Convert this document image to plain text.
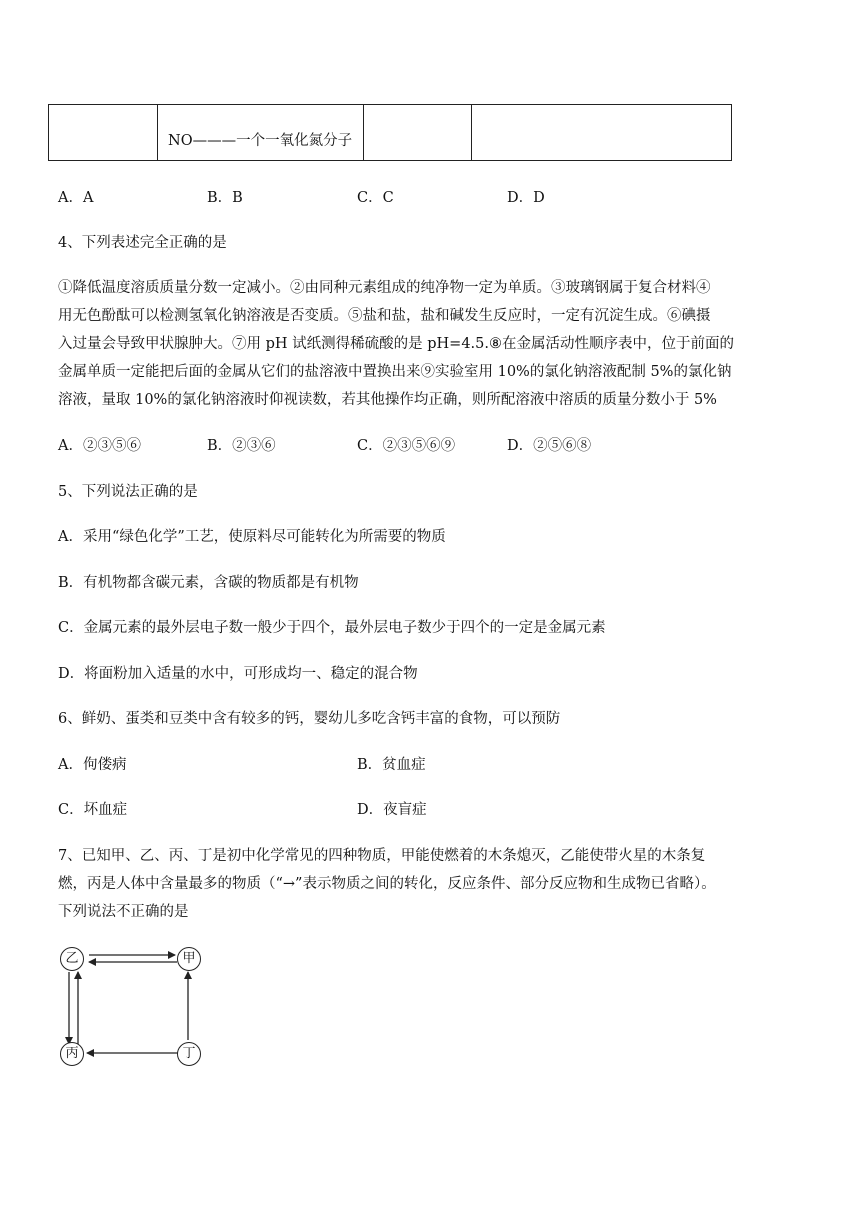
	NO———一个一氧化氮分子		
A．A	B．B	C．C	D．D
4、下列表述完全正确的是
①降低温度溶质质量分数一定减小。②由同种元素组成的纯净物一定为单质。③玻璃钢属于复合材料④
用无色酚酞可以检测氢氧化钠溶液是否变质。⑤盐和盐，盐和碱发生反应时，一定有沉淀生成。⑥碘摄
入过量会导致甲状腺肿大。⑦用 pH 试纸测得稀硫酸的是 pH=4.5.⑧在金属活动性顺序表中，位于前面的
金属单质一定能把后面的金属从它们的盐溶液中置换出来⑨实验室用 10%的氯化钠溶液配制 5%的氯化钠
溶液，量取 10%的氯化钠溶液时仰视读数，若其他操作均正确，则所配溶液中溶质的质量分数小于 5%
A．②③⑤⑥	B．②③⑥	C．②③⑤⑥⑨	D．②⑤⑥⑧
5、下列说法正确的是
A．采用“绿色化学”工艺，使原料尽可能转化为所需要的物质
B．有机物都含碳元素，含碳的物质都是有机物
C．金属元素的最外层电子数一般少于四个，最外层电子数少于四个的一定是金属元素
D．将面粉加入适量的水中，可形成均一、稳定的混合物
6、鲜奶、蛋类和豆类中含有较多的钙，婴幼儿多吃含钙丰富的食物，可以预防
A．佝偻病	B．贫血症
C．坏血症	D．夜盲症
7、已知甲、乙、丙、丁是初中化学常见的四种物质，甲能使燃着的木条熄灭，乙能使带火星的木条复
燃，丙是人体中含量最多的物质（“→”表示物质之间的转化，反应条件、部分反应物和生成物已省略）。
下列说法不正确的是
乙	甲
丙	丁
